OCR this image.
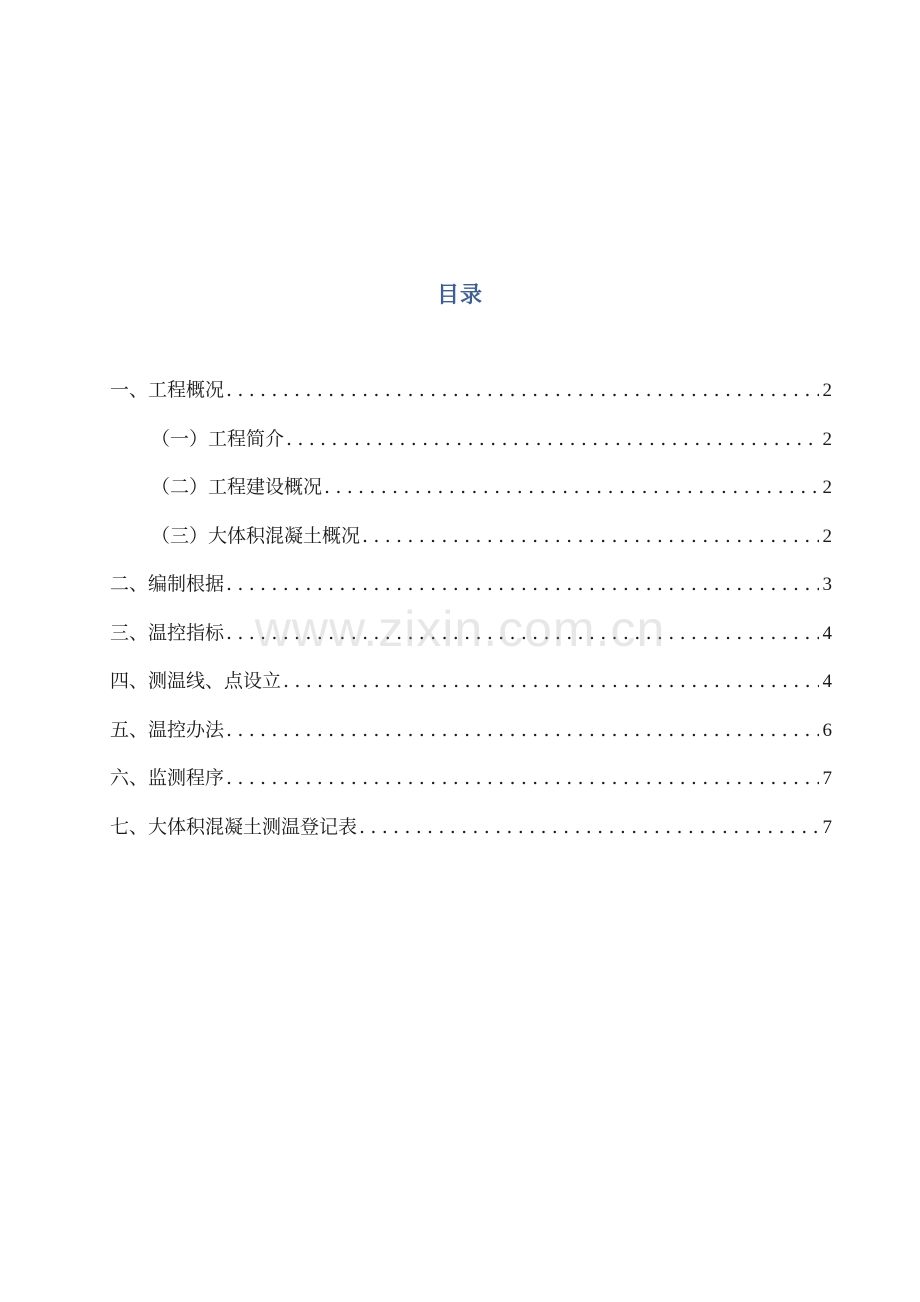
目录
一、工程概况 .....	2
（一）工程简介 .....	2
（二）工程建设概况 .....	2
（三）大体积混凝土概况 .....	2
二、编制根据 .....	3
三、温控指标 .....	4
四、测温线、点设立 .....	4
五、温控办法 .....	6
六、监测程序 .....	7
七、大体积混凝土测温登记表 .....	7
www.zixin.com.cn
